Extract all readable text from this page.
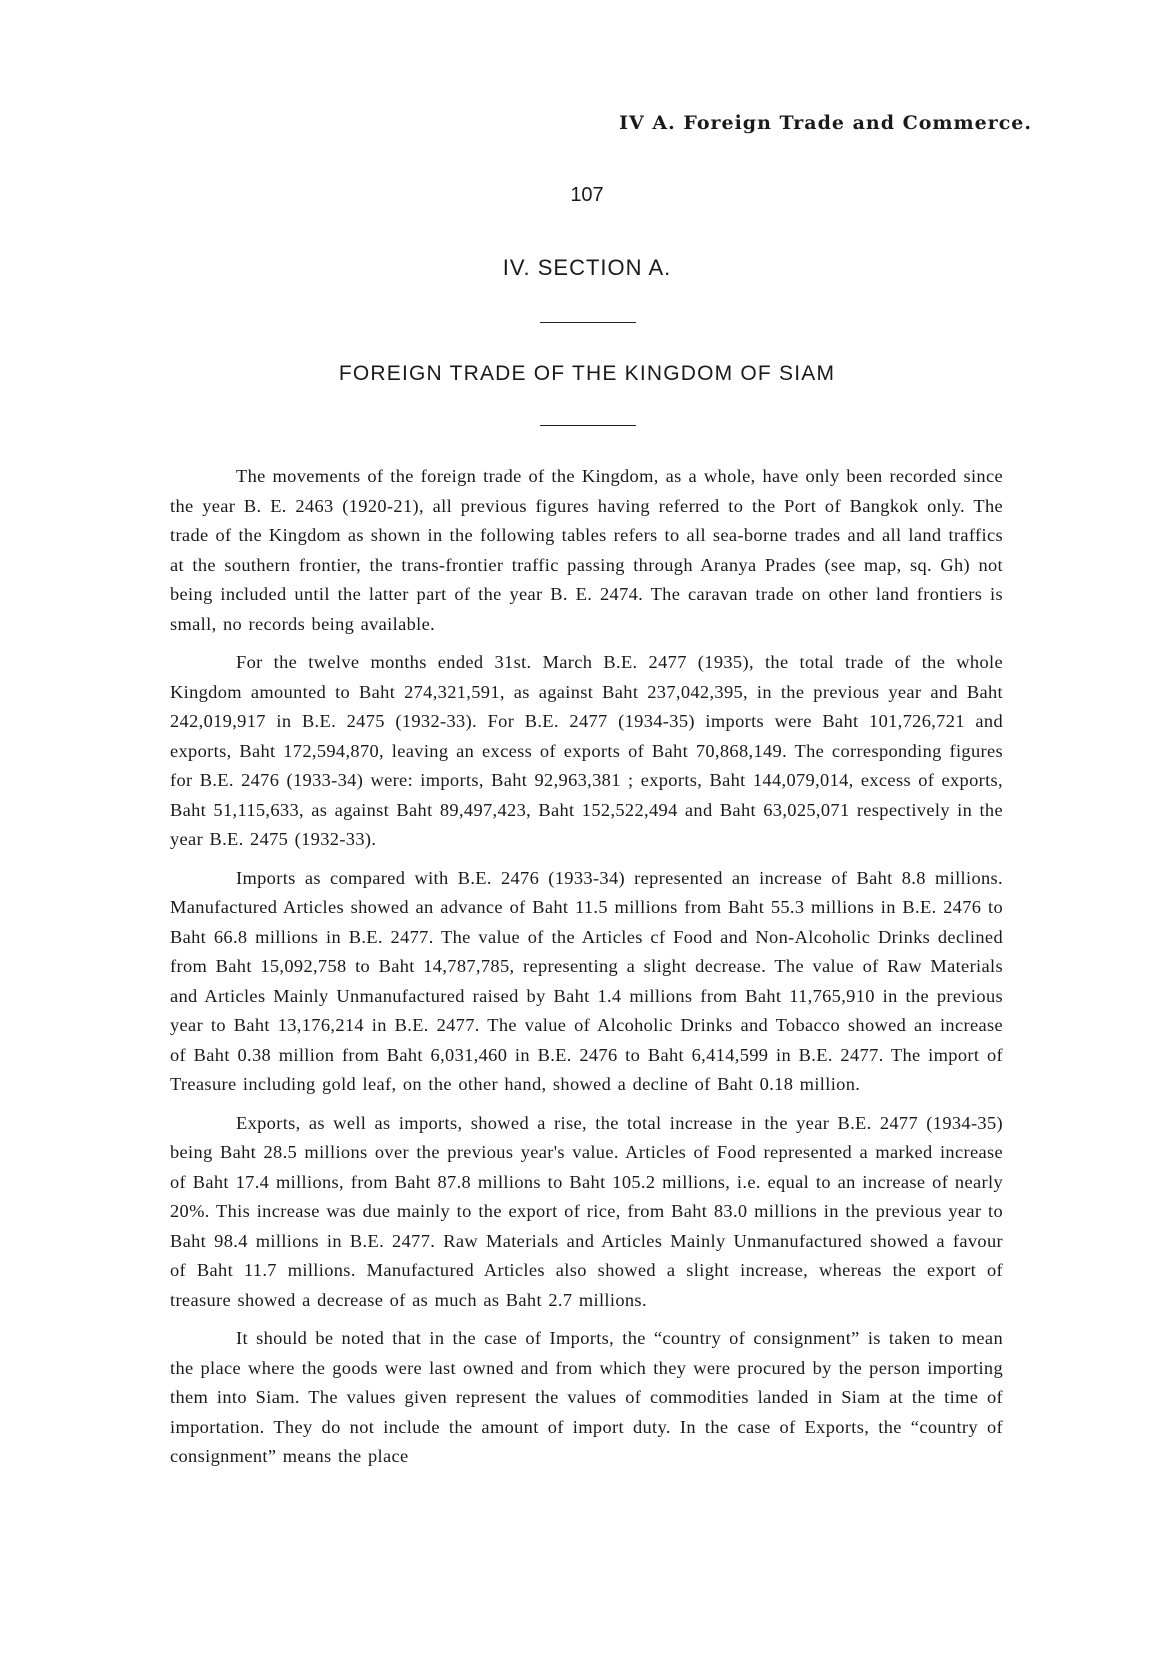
IV A. Foreign Trade and Commerce.
107
IV. SECTION A.
FOREIGN TRADE OF THE KINGDOM OF SIAM

The movements of the foreign trade of the Kingdom, as a whole, have only been recorded since the year B. E. 2463 (1920-21), all previous figures having referred to the Port of Bangkok only. The trade of the Kingdom as shown in the following tables refers to all sea-borne trades and all land traffics at the southern frontier, the trans-frontier traffic passing through Aranya Prades (see map, sq. Gh) not being included until the latter part of the year B. E. 2474. The caravan trade on other land frontiers is small, no records being available.

For the twelve months ended 31st. March B.E. 2477 (1935), the total trade of the whole Kingdom amounted to Baht 274,321,591, as against Baht 237,042,395, in the previous year and Baht 242,019,917 in B.E. 2475 (1932-33). For B.E. 2477 (1934-35) imports were Baht 101,726,721 and exports, Baht 172,594,870, leaving an excess of exports of Baht 70,868,149. The corresponding figures for B.E. 2476 (1933-34) were: imports, Baht 92,963,381 ; exports, Baht 144,079,014, excess of exports, Baht 51,115,633, as against Baht 89,497,423, Baht 152,522,494 and Baht 63,025,071 respectively in the year B.E. 2475 (1932-33).

Imports as compared with B.E. 2476 (1933-34) represented an increase of Baht 8.8 millions. Manufactured Articles showed an advance of Baht 11.5 millions from Baht 55.3 millions in B.E. 2476 to Baht 66.8 millions in B.E. 2477. The value of the Articles cf Food and Non-Alcoholic Drinks declined from Baht 15,092,758 to Baht 14,787,785, representing a slight decrease. The value of Raw Materials and Articles Mainly Unmanufactured raised by Baht 1.4 millions from Baht 11,765,910 in the previous year to Baht 13,176,214 in B.E. 2477. The value of Alcoholic Drinks and Tobacco showed an increase of Baht 0.38 million from Baht 6,031,460 in B.E. 2476 to Baht 6,414,599 in B.E. 2477. The import of Treasure including gold leaf, on the other hand, showed a decline of Baht 0.18 million.

Exports, as well as imports, showed a rise, the total increase in the year B.E. 2477 (1934-35) being Baht 28.5 millions over the previous year's value. Articles of Food represented a marked increase of Baht 17.4 millions, from Baht 87.8 millions to Baht 105.2 millions, i.e. equal to an increase of nearly 20%. This increase was due mainly to the export of rice, from Baht 83.0 millions in the previous year to Baht 98.4 millions in B.E. 2477. Raw Materials and Articles Mainly Unmanufactured showed a favour of Baht 11.7 millions. Manufactured Articles also showed a slight increase, whereas the export of treasure showed a decrease of as much as Baht 2.7 millions.

It should be noted that in the case of Imports, the “country of consignment” is taken to mean the place where the goods were last owned and from which they were procured by the person importing them into Siam. The values given represent the values of commodities landed in Siam at the time of importation. They do not include the amount of import duty. In the case of Exports, the “country of consignment” means the place
